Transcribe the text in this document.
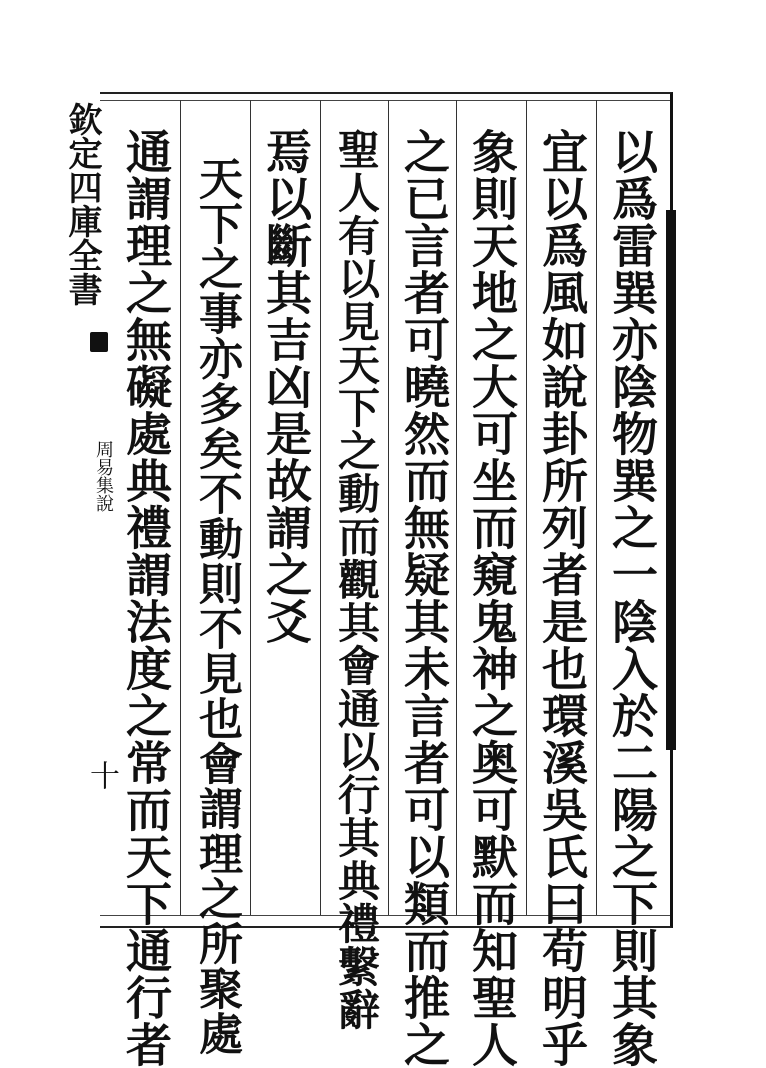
欽定四庫全書
周易集說
十	以爲雷巽亦陰物巽之一陰入於二陽之下則其象
宜以爲風如說卦所列者是也環溪吳氏曰苟明乎
象則天地之大可坐而窺鬼神之奥可默而知聖人
之已言者可曉然而無疑其未言者可以類而推之
聖人有以見天下之動而觀其會通以行其典禮繫辭
焉以斷其吉凶是故謂之爻
天下之事亦多矣不動則不見也會謂理之所聚處
通謂理之無礙處典禮謂法度之常而天下通行者
